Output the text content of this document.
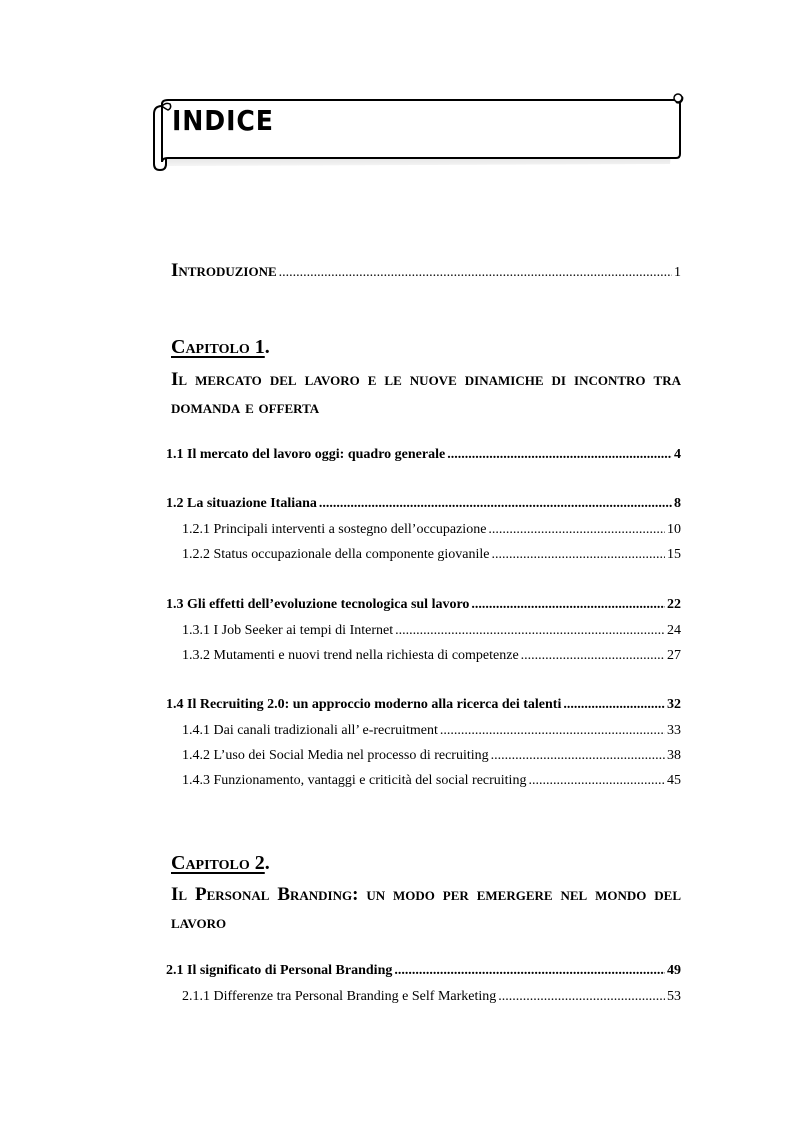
INDICE
Introduzione .....	1
Capitolo 1.
Il mercato del lavoro e le nuove dinamiche di incontro tra domanda e offerta
1.1 Il mercato del lavoro oggi: quadro generale .....	4
1.2 La situazione Italiana .....	8
1.2.1 Principali interventi a sostegno dell’occupazione .....	10
1.2.2 Status occupazionale della componente giovanile .....	15
1.3 Gli effetti dell’evoluzione tecnologica sul lavoro .....	22
1.3.1 I Job Seeker ai tempi di Internet .....	24
1.3.2 Mutamenti e nuovi trend nella richiesta di competenze .....	27
1.4 Il Recruiting 2.0: un approccio moderno alla ricerca dei talenti .....	32
1.4.1 Dai canali tradizionali all’ e-recruitment .....	33
1.4.2 L’uso dei Social Media nel processo di recruiting .....	38
1.4.3 Funzionamento, vantaggi e criticità del social recruiting .....	45
Capitolo 2.
Il Personal Branding: un modo per emergere nel mondo del lavoro
2.1 Il significato di Personal Branding .....	49
2.1.1 Differenze tra Personal Branding e Self Marketing .....	53
